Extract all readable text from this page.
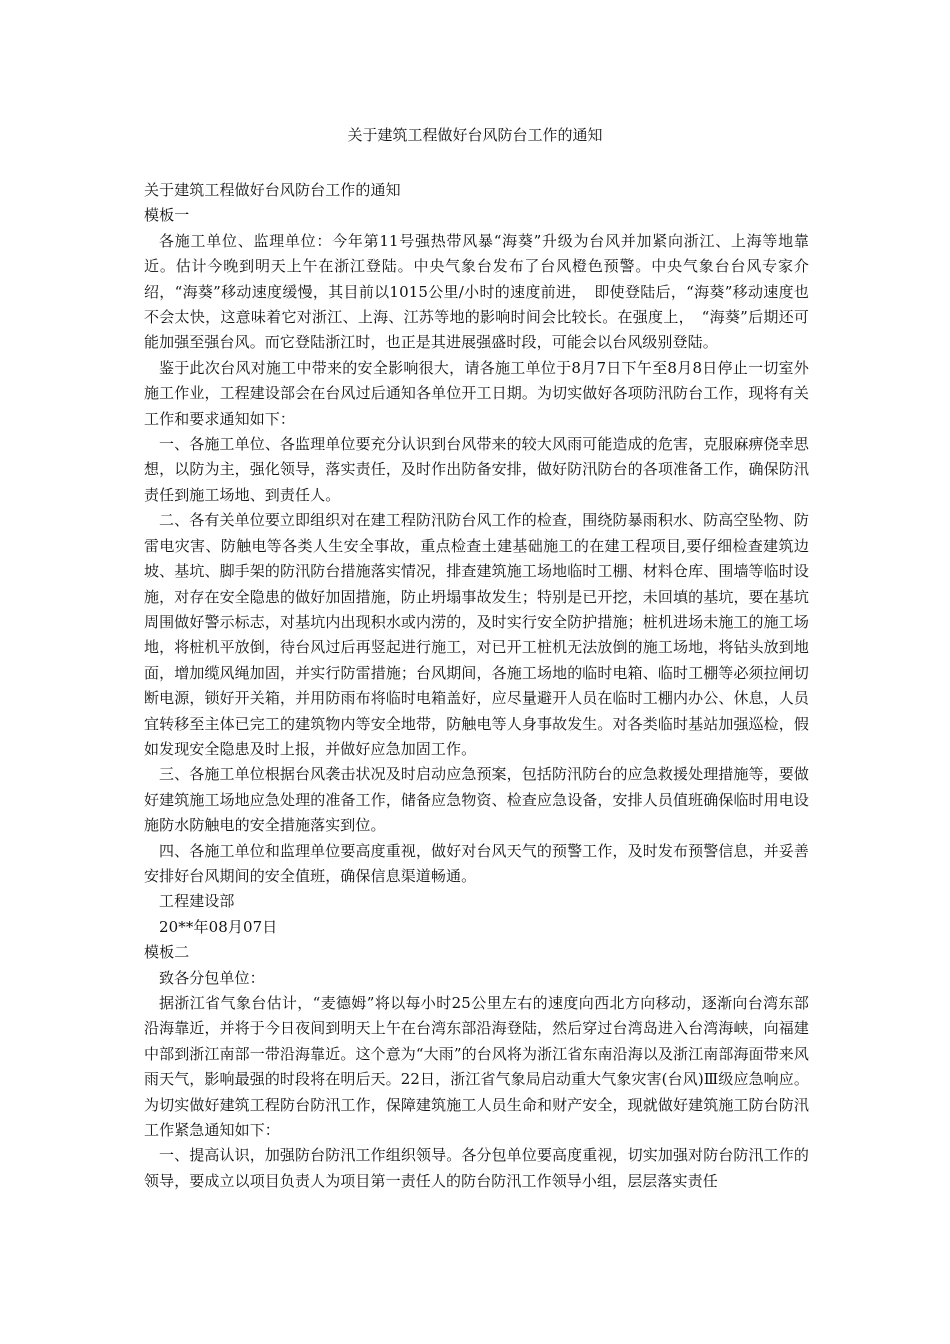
关于建筑工程做好台风防台工作的通知

关于建筑工程做好台风防台工作的通知

模板一

各施工单位、监理单位：今年第11号强热带风暴“海葵”升级为台风并加紧向浙江、上海等地靠近。估计今晚到明天上午在浙江登陆。中央气象台发布了台风橙色预警。中央气象台台风专家介绍，“海葵”移动速度缓慢，其目前以1015公里/小时的速度前进，　即使登陆后，“海葵”移动速度也不会太快，这意味着它对浙江、上海、江苏等地的影响时间会比较长。在强度上，　“海葵”后期还可能加强至强台风。而它登陆浙江时，也正是其进展强盛时段，可能会以台风级别登陆。

鉴于此次台风对施工中带来的安全影响很大，请各施工单位于8月7日下午至8月8日停止一切室外施工作业，工程建设部会在台风过后通知各单位开工日期。为切实做好各项防汛防台工作，现将有关工作和要求通知如下：

一、各施工单位、各监理单位要充分认识到台风带来的较大风雨可能造成的危害，克服麻痹侥幸思想，以防为主，强化领导，落实责任，及时作出防备安排，做好防汛防台的各项准备工作，确保防汛责任到施工场地、到责任人。

二、各有关单位要立即组织对在建工程防汛防台风工作的检查，围绕防暴雨积水、防高空坠物、防雷电灾害、防触电等各类人生安全事故，重点检查土建基础施工的在建工程项目,要仔细检查建筑边坡、基坑、脚手架的防汛防台措施落实情况，排查建筑施工场地临时工棚、材料仓库、围墙等临时设施，对存在安全隐患的做好加固措施，防止坍塌事故发生；特别是已开挖，未回填的基坑，要在基坑周围做好警示标志，对基坑内出现积水或内涝的，及时实行安全防护措施；桩机进场未施工的施工场地，将桩机平放倒，待台风过后再竖起进行施工，对已开工桩机无法放倒的施工场地，将钻头放到地面，增加缆风绳加固，并实行防雷措施；台风期间，各施工场地的临时电箱、临时工棚等必须拉闸切断电源，锁好开关箱，并用防雨布将临时电箱盖好，应尽量避开人员在临时工棚内办公、休息，人员宜转移至主体已完工的建筑物内等安全地带，防触电等人身事故发生。对各类临时基站加强巡检，假如发现安全隐患及时上报，并做好应急加固工作。

三、各施工单位根据台风袭击状况及时启动应急预案，包括防汛防台的应急救援处理措施等，要做好建筑施工场地应急处理的准备工作，储备应急物资、检查应急设备，安排人员值班确保临时用电设施防水防触电的安全措施落实到位。

四、各施工单位和监理单位要高度重视，做好对台风天气的预警工作，及时发布预警信息，并妥善安排好台风期间的安全值班，确保信息渠道畅通。

工程建设部

20**年08月07日

模板二

致各分包单位：

据浙江省气象台估计，“麦德姆”将以每小时25公里左右的速度向西北方向移动，逐渐向台湾东部沿海靠近，并将于今日夜间到明天上午在台湾东部沿海登陆，然后穿过台湾岛进入台湾海峡，向福建中部到浙江南部一带沿海靠近。这个意为“大雨”的台风将为浙江省东南沿海以及浙江南部海面带来风雨天气，影响最强的时段将在明后天。22日，浙江省气象局启动重大气象灾害(台风)Ⅲ级应急响应。为切实做好建筑工程防台防汛工作，保障建筑施工人员生命和财产安全，现就做好建筑施工防台防汛工作紧急通知如下：

一、提高认识，加强防台防汛工作组织领导。各分包单位要高度重视，切实加强对防台防汛工作的领导，要成立以项目负责人为项目第一责任人的防台防汛工作领导小组，层层落实责任
